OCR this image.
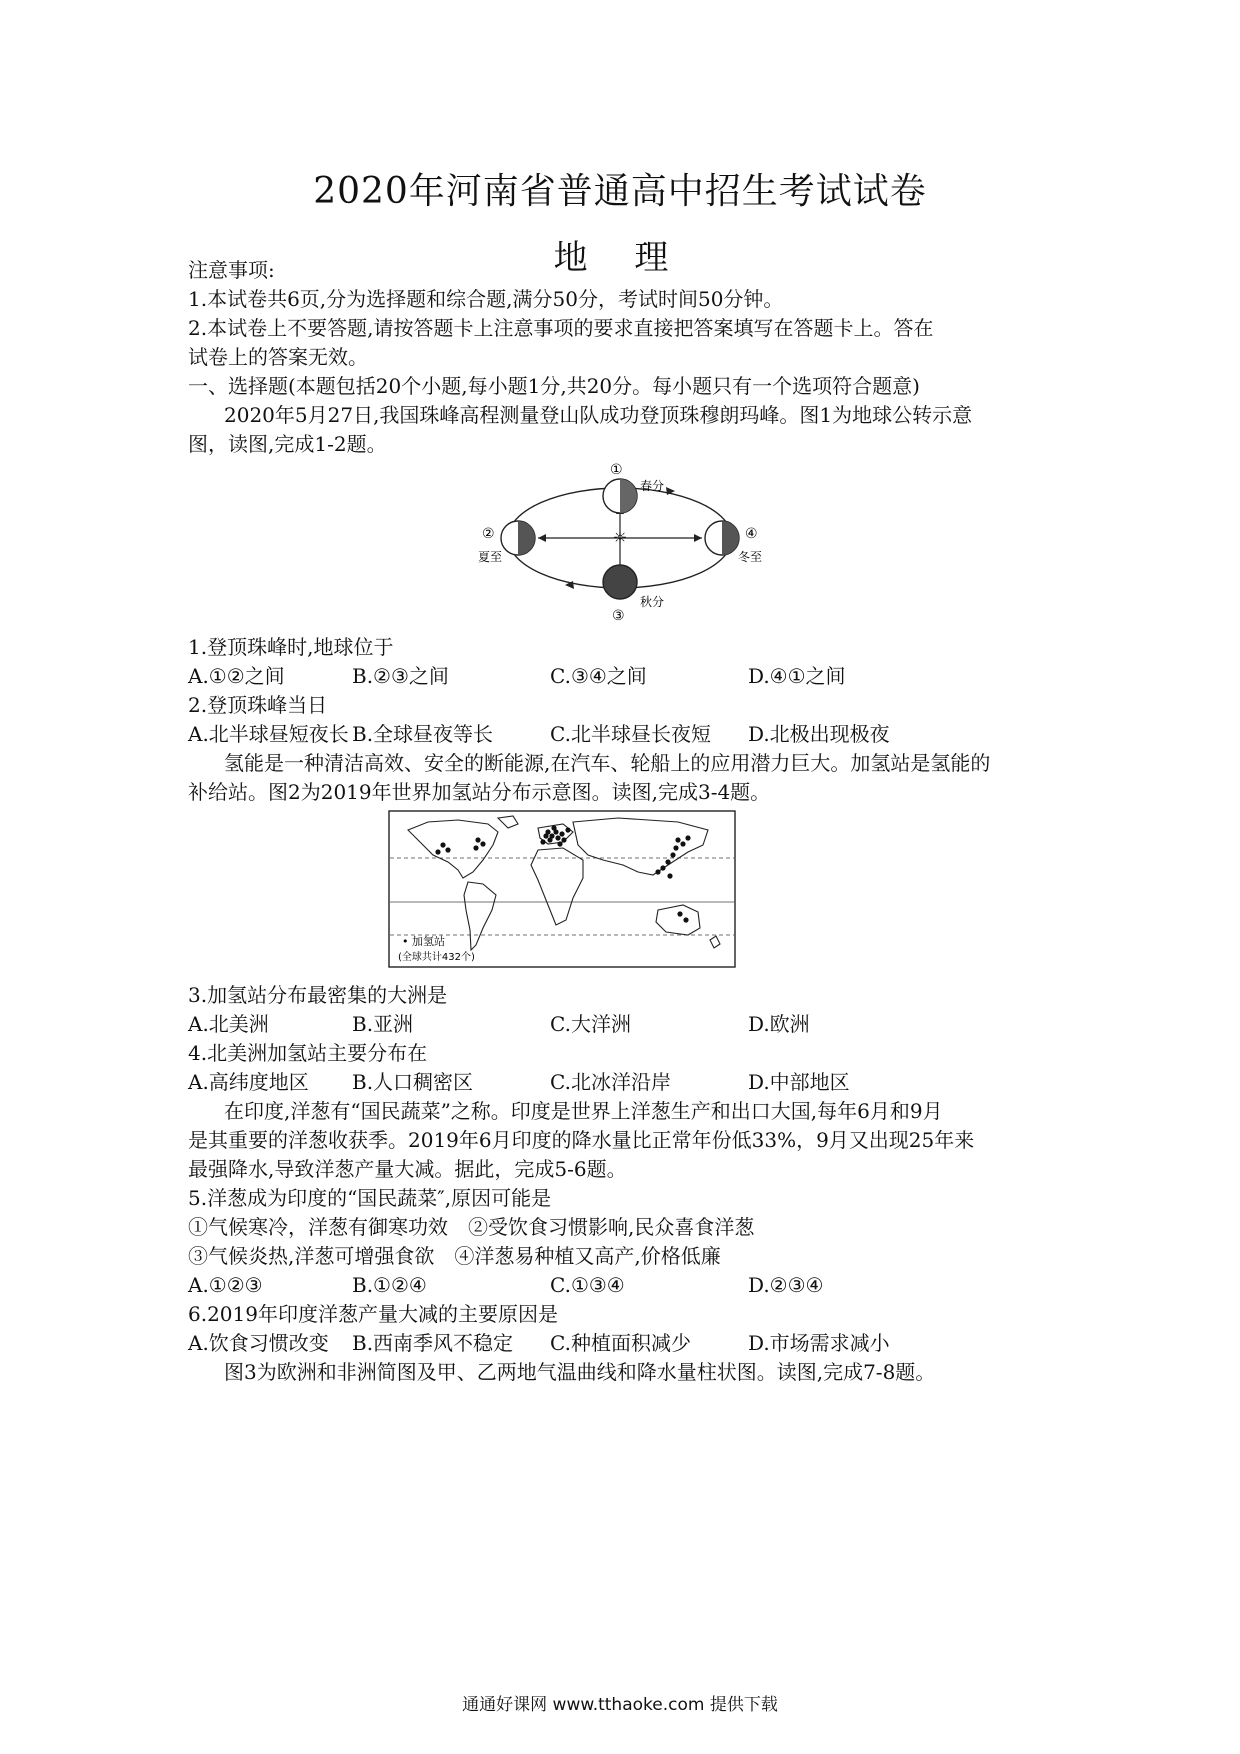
2020年河南省普通高中招生考试试卷
地 理
注意事项:
1.本试卷共6页,分为选择题和综合题,满分50分，考试时间50分钟。
2.本试卷上不要答题,请按答题卡上注意事项的要求直接把答案填写在答题卡上。答在
试卷上的答案无效。
一、选择题(本题包括20个小题,每小题1分,共20分。每小题只有一个选项符合题意)
2020年5月27日,我国珠峰高程测量登山队成功登顶珠穆朗玛峰。图1为地球公转示意
图，读图,完成1-2题。
☼
①
春分
②
夏至
④
冬至
③
秋分
1.登顶珠峰时,地球位于
A.①②之间	B.②③之间	C.③④之间	D.④①之间
2.登顶珠峰当日
A.北半球昼短夜长 B.全球昼夜等长	C.北半球昼长夜短 D.北极出现极夜
氢能是一种清洁高效、安全的断能源,在汽车、轮船上的应用潜力巨大。加氢站是氢能的
补给站。图2为2019年世界加氢站分布示意图。读图,完成3-4题。
• 加氢站
(全球共计432个)
3.加氢站分布最密集的大洲是
A.北美洲	B.亚洲	C.大洋洲	D.欧洲
4.北美洲加氢站主要分布在
A.高纬度地区 B.人口稠密区	C.北冰洋沿岸	D.中部地区
在印度,洋葱有“国民蔬菜”之称。印度是世界上洋葱生产和出口大国,每年6月和9月
是其重要的洋葱收获季。2019年6月印度的降水量比正常年份低33%，9月又出现25年来
最强降水,导致洋葱产量大减。据此，完成5-6题。
5.洋葱成为印度的“国民蔬菜″,原因可能是
①气候寒冷，洋葱有御寒功效　②受饮食习惯影响,民众喜食洋葱
③气候炎热,洋葱可增强食欲　④洋葱易种植又高产,价格低廉
A.①②③	B.①②④	C.①③④	D.②③④
6.2019年印度洋葱产量大减的主要原因是
A.饮食习惯改变 B.西南季风不稳定 C.种植面积减少	D.市场需求减小
图3为欧洲和非洲简图及甲、乙两地气温曲线和降水量柱状图。读图,完成7-8题。
通通好课网 www.tthaoke.com 提供下载
